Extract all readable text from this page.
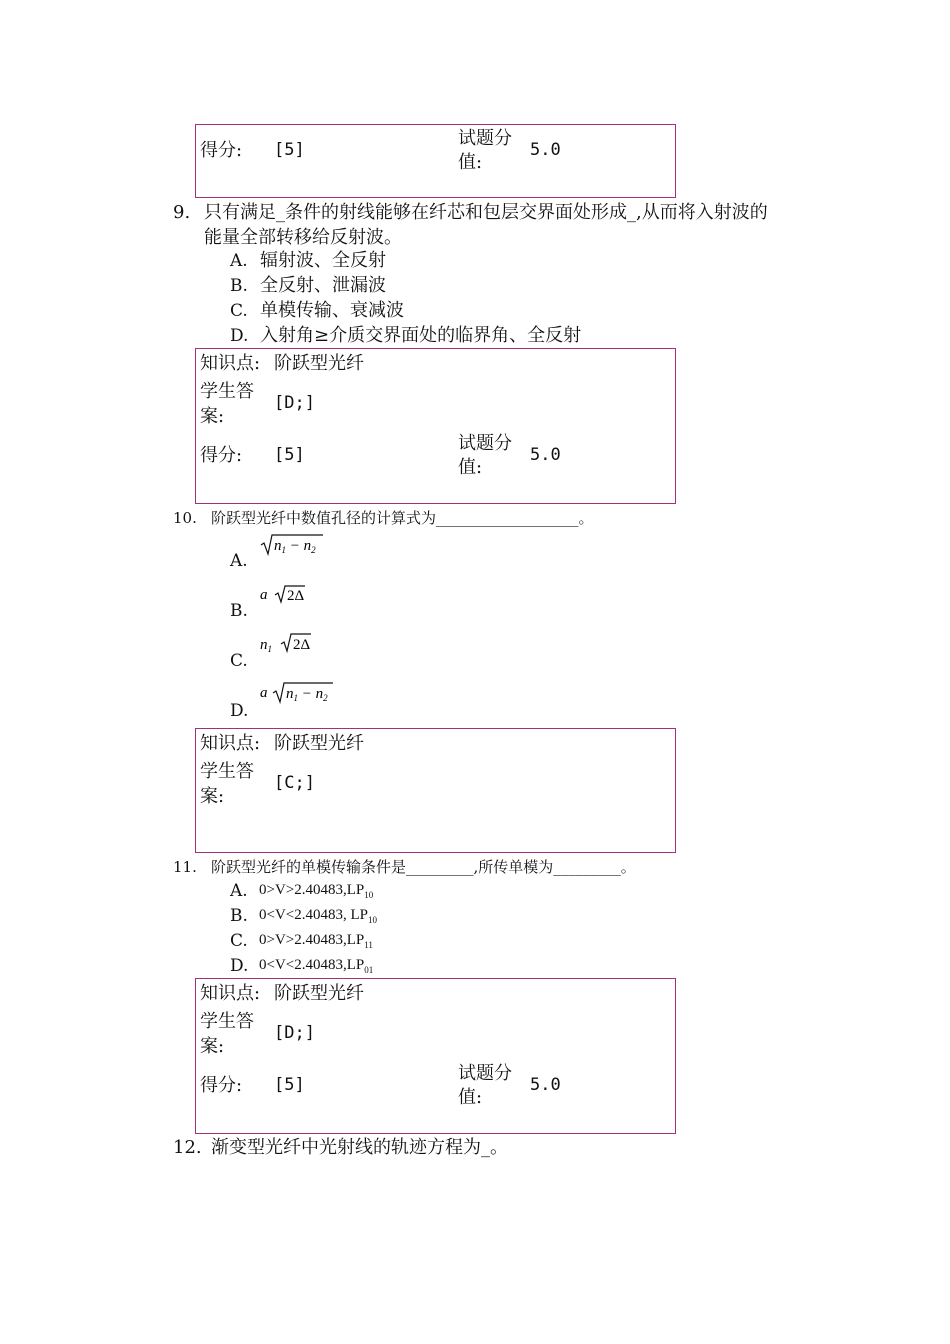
得分: [5]
试题分
值:
5.0
9. 只有满足_条件的射线能够在纤芯和包层交界面处形成_,从而将入射波的
能量全部转移给反射波。
A. 辐射波、全反射
B. 全反射、泄漏波
C. 单模传输、衰减波
D. 入射角≥介质交界面处的临界角、全反射
知识点: 阶跃型光纤
学生答
案:
[D;]
得分: [5]
试题分
值:
5.0
10. 阶跃型光纤中数值孔径的计算式为___________________。
A.
$n_1 - n_2$
B.
a 2Δ
C.
$n_1$ 2Δ
D.
a $n_1 - n_2$
知识点: 阶跃型光纤
学生答
案:
[C;]
11. 阶跃型光纤的单模传输条件是_________,所传单模为_________。
A. $0>V>2.40483,LP_{10}$
B. 0<V<2.40483, $LP_{10}$
C. $0>V>2.40483,LP_{11}$
D. $0<V<2.40483,LP_{01}$
知识点: 阶跃型光纤
学生答
案:
[D;]
得分: [5]
试题分
值:
5.0
12. 渐变型光纤中光射线的轨迹方程为_。
